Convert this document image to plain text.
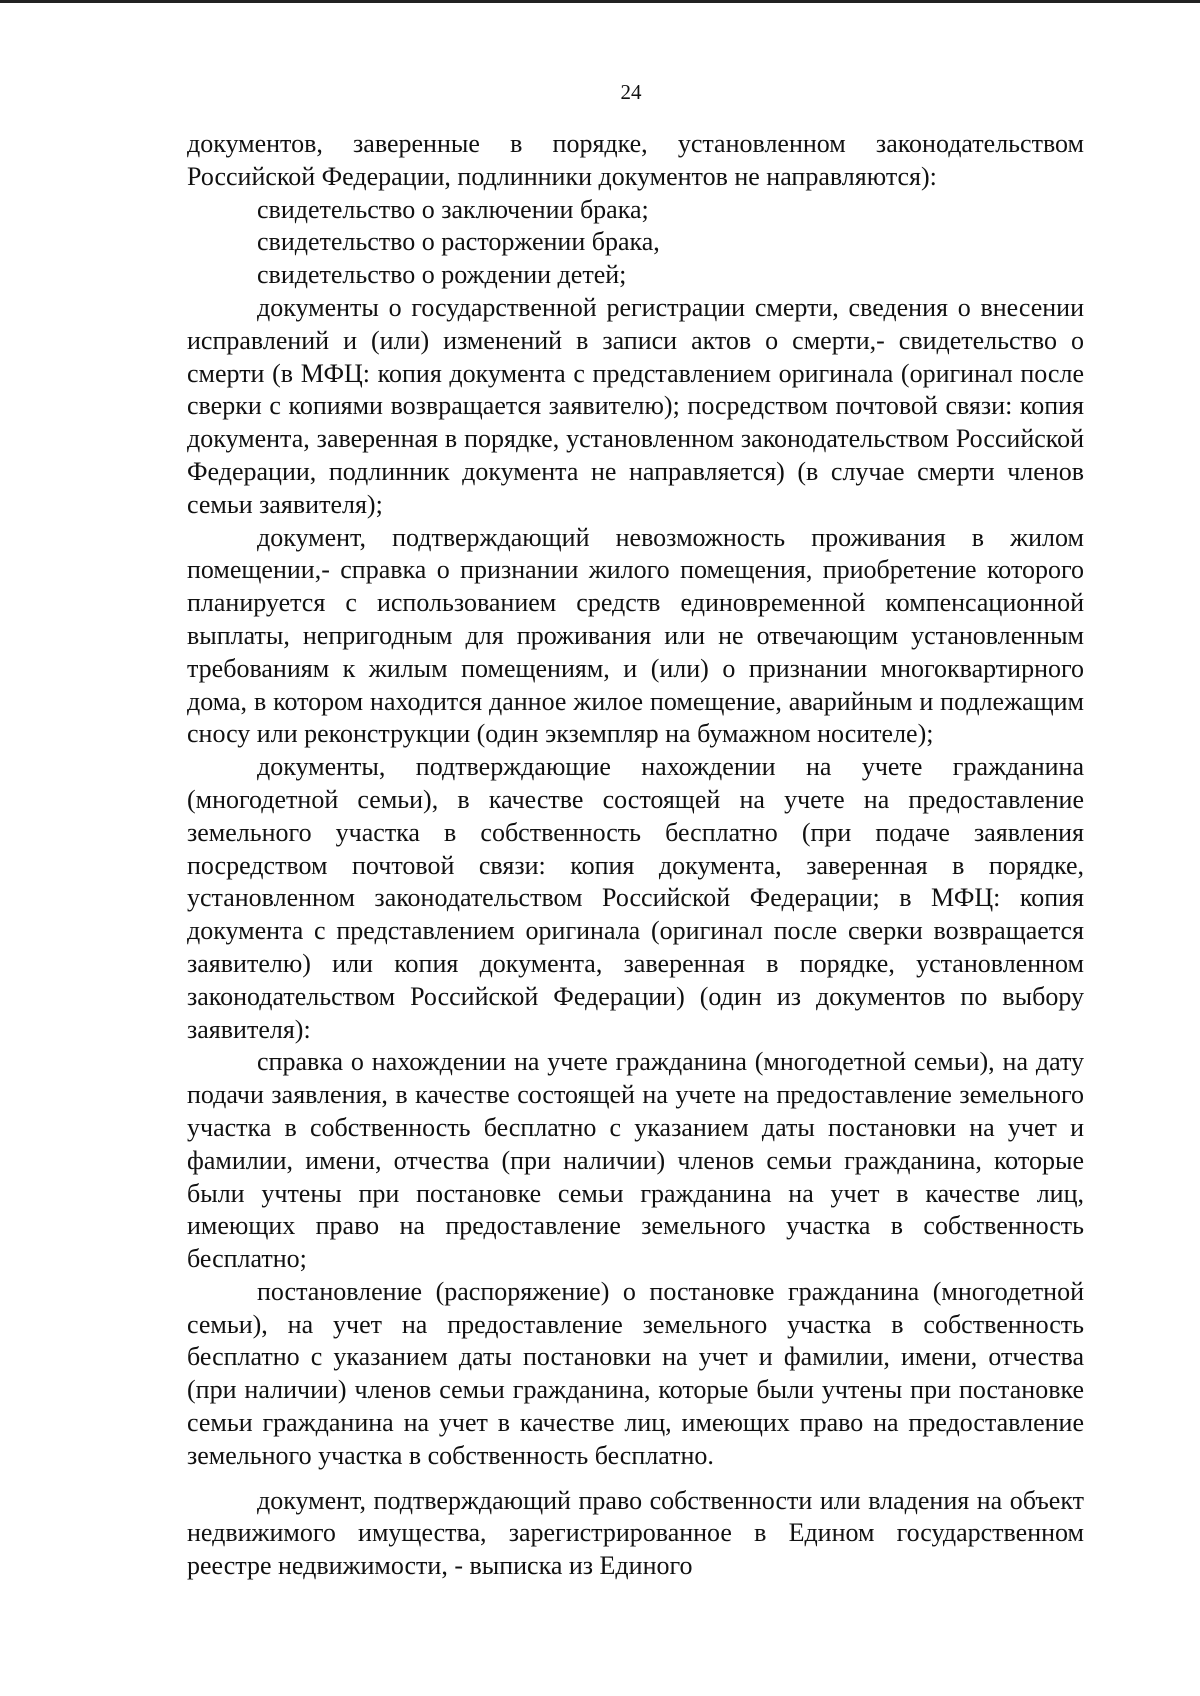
24

документов, заверенные в порядке, установленном законодательством Российской Федерации, подлинники документов не направляются):

свидетельство о заключении брака;

свидетельство о расторжении брака,

свидетельство о рождении детей;

документы о государственной регистрации смерти, сведения о внесении исправлений и (или) изменений в записи актов о смерти,- свидетельство о смерти (в МФЦ: копия документа с представлением оригинала (оригинал после сверки с копиями возвращается заявителю); посредством почтовой связи: копия документа, заверенная в порядке, установленном законодательством Российской Федерации, подлинник документа не направляется) (в случае смерти членов семьи заявителя);

документ, подтверждающий невозможность проживания в жилом помещении,- справка о признании жилого помещения, приобретение которого планируется с использованием средств единовременной компенсационной выплаты, непригодным для проживания или не отвечающим установленным требованиям к жилым помещениям, и (или) о признании многоквартирного дома, в котором находится данное жилое помещение, аварийным и подлежащим сносу или реконструкции (один экземпляр на бумажном носителе);

документы, подтверждающие нахождении на учете гражданина (многодетной семьи), в качестве состоящей на учете на предоставление земельного участка в собственность бесплатно (при подаче заявления посредством почтовой связи: копия документа, заверенная в порядке, установленном законодательством Российской Федерации; в МФЦ: копия документа с представлением оригинала (оригинал после сверки возвращается заявителю) или копия документа, заверенная в порядке, установленном законодательством Российской Федерации) (один из документов по выбору заявителя):

справка о нахождении на учете гражданина (многодетной семьи), на дату подачи заявления, в качестве состоящей на учете на предоставление земельного участка в собственность бесплатно с указанием даты постановки на учет и фамилии, имени, отчества (при наличии) членов семьи гражданина, которые были учтены при постановке семьи гражданина на учет в качестве лиц, имеющих право на предоставление земельного участка в собственность бесплатно;

постановление (распоряжение) о постановке гражданина (многодетной семьи), на учет на предоставление земельного участка в собственность бесплатно с указанием даты постановки на учет и фамилии, имени, отчества (при наличии) членов семьи гражданина, которые были учтены при постановке семьи гражданина на учет в качестве лиц, имеющих право на предоставление земельного участка в собственность бесплатно.

документ, подтверждающий право собственности или владения на объект недвижимого имущества, зарегистрированное в Едином государственном реестре недвижимости, - выписка из Единого
